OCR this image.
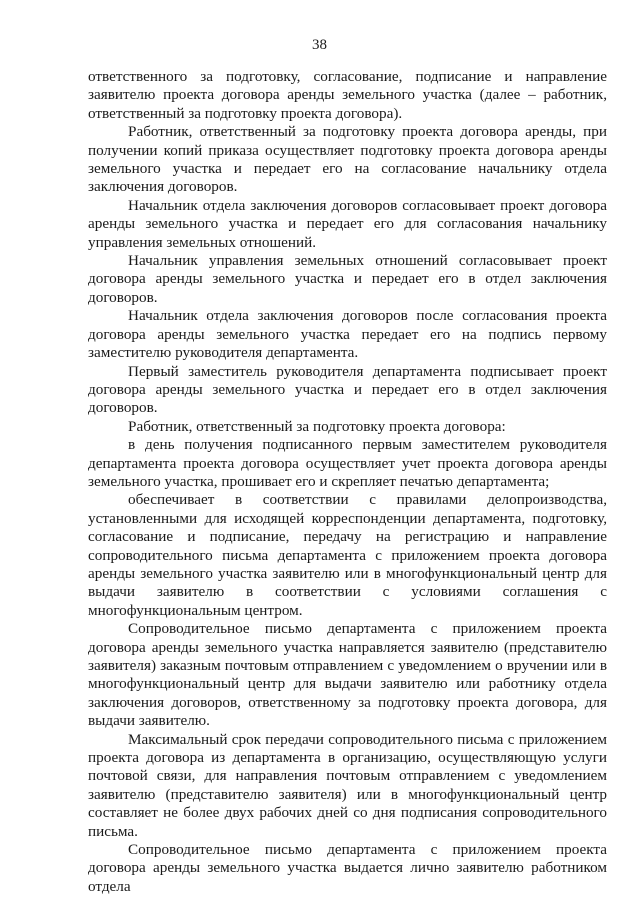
38

ответственного за подготовку, согласование, подписание и направление заявителю проекта договора аренды земельного участка (далее – работник, ответственный за подготовку проекта договора).

Работник, ответственный за подготовку проекта договора аренды, при получении копий приказа осуществляет подготовку проекта договора аренды земельного участка и передает его на согласование начальнику отдела заключения договоров.

Начальник отдела заключения договоров согласовывает проект договора аренды земельного участка и передает его для согласования начальнику управления земельных отношений.

Начальник управления земельных отношений согласовывает проект договора аренды земельного участка и передает его в отдел заключения договоров.

Начальник отдела заключения договоров после согласования проекта договора аренды земельного участка передает его на подпись первому заместителю руководителя департамента.

Первый заместитель руководителя департамента подписывает проект договора аренды земельного участка и передает его в отдел заключения договоров.

Работник, ответственный за подготовку проекта договора:

в день получения подписанного первым заместителем руководителя департамента проекта договора осуществляет учет проекта договора аренды земельного участка, прошивает его и скрепляет печатью департамента;

обеспечивает в соответствии с правилами делопроизводства, установленными для исходящей корреспонденции департамента, подготовку, согласование и подписание, передачу на регистрацию и направление сопроводительного письма департамента с приложением проекта договора аренды земельного участка заявителю или в многофункциональный центр для выдачи заявителю в соответствии с условиями соглашения с многофункциональным центром.

Сопроводительное письмо департамента с приложением проекта договора аренды земельного участка направляется заявителю (представителю заявителя) заказным почтовым отправлением с уведомлением о вручении или в многофункциональный центр для выдачи заявителю или работнику отдела заключения договоров, ответственному за подготовку проекта договора, для выдачи заявителю.

Максимальный срок передачи сопроводительного письма с приложением проекта договора из департамента в организацию, осуществляющую услуги почтовой связи, для направления почтовым отправлением с уведомлением заявителю (представителю заявителя) или в многофункциональный центр составляет не более двух рабочих дней со дня подписания сопроводительного письма.

Сопроводительное письмо департамента с приложением проекта договора аренды земельного участка выдается лично заявителю работником отдела
